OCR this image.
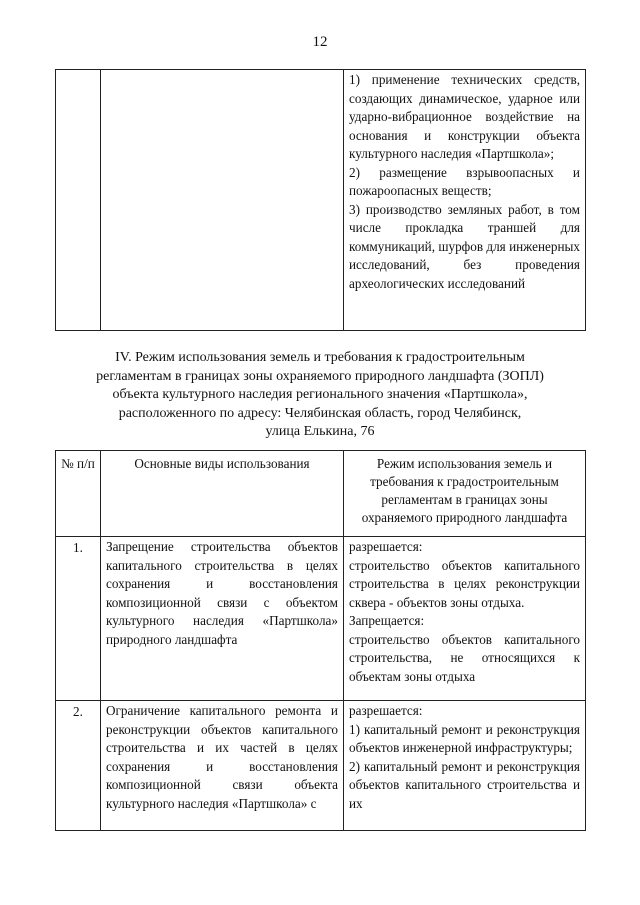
12

1) применение технических средств, создающих динамическое, ударное или ударно-вибрационное воздействие на основания и конструкции объекта культурного наследия «Партшкола»;

2) размещение взрывоопасных и пожароопасных веществ;

3) производство земляных работ, в том числе прокладка траншей для коммуникаций, шурфов для инженерных исследований, без проведения археологических исследований

IV. Режим использования земель и требования к градостроительным
регламентам в границах зоны охраняемого природного ландшафта (ЗОПЛ)
объекта культурного наследия регионального значения «Партшкола»,
расположенного по адресу: Челябинская область, город Челябинск,
улица Елькина, 76
№ п/п	Основные виды использования	Режим использования земель и требования к градостроительным регламентам в границах зоны охраняемого природного ландшафта

1.	Запрещение строительства объектов капитального строительства в целях сохранения и восстановления композиционной связи с объектом культурного наследия «Партшкола» природного ландшафта	разрешается:

строительство объектов капитального строительства в целях реконструкции сквера - объектов зоны отдыха.

Запрещается:

строительство объектов капитального строительства, не относящихся к объектам зоны отдыха

2.	Ограничение капитального ремонта и реконструкции объектов капитального строительства и их частей в целях сохранения и восстановления композиционной связи объекта культурного наследия «Партшкола» с	разрешается:

1) капитальный ремонт и реконструкция объектов инженерной инфраструктуры;

2) капитальный ремонт и реконструкция объектов капитального строительства и их
